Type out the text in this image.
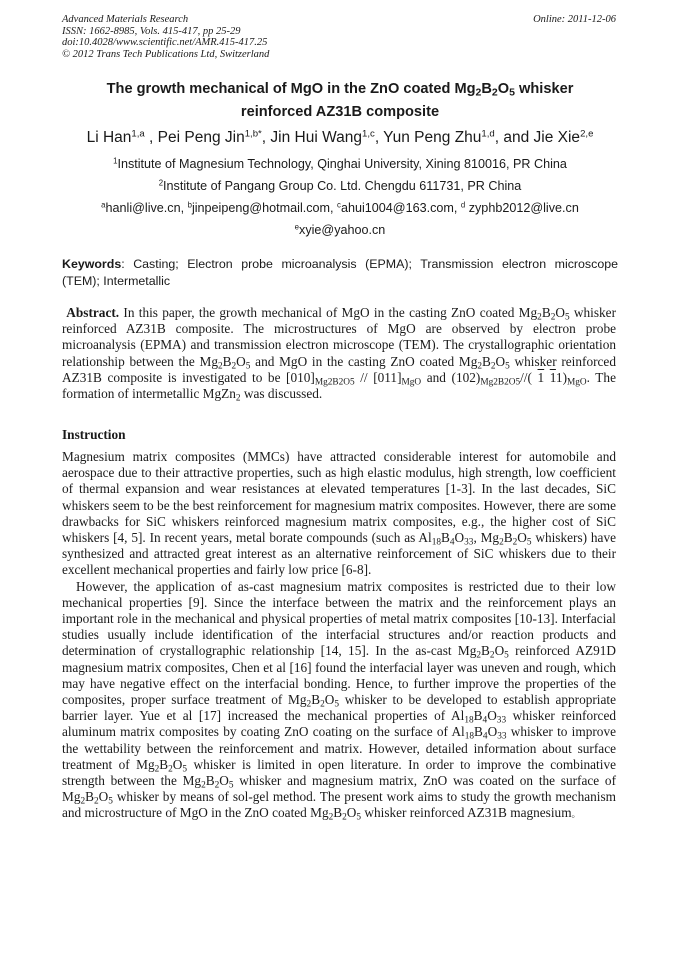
Advanced Materials Research
ISSN: 1662-8985, Vols. 415-417, pp 25-29
doi:10.4028/www.scientific.net/AMR.415-417.25
© 2012 Trans Tech Publications Ltd, Switzerland
Online: 2011-12-06
The growth mechanical of MgO in the ZnO coated $Mg_2B_2O_5$ whisker
reinforced AZ31B composite
Li Han$^{1,a}$ , Pei Peng Jin$^{1,b*}$, Jin Hui Wang$^{1,c}$, Yun Peng Zhu$^{1,d}$, and Jie Xie$^{2,e}$
$^1$Institute of Magnesium Technology, Qinghai University, Xining 810016, PR China
$^2$Institute of Pangang Group Co. Ltd. Chengdu 611731, PR China
$^a$hanli@live.cn, $^b$jinpeipeng@hotmail.com, $^c$ahui1004@163.com, $^d$ zyphb2012@live.cn
$^e$xyie@yahoo.cn
Keywords: Casting; Electron probe microanalysis (EPMA); Transmission electron microscope (TEM); Intermetallic
Abstract. In this paper, the growth mechanical of MgO in the casting ZnO coated $Mg_2B_2O_5$ whisker reinforced AZ31B composite. The microstructures of MgO are observed by electron probe microanalysis (EPMA) and transmission electron microscope (TEM). The crystallographic orientation relationship between the $Mg_2B_2O_5$ and MgO in the casting ZnO coated $Mg_2B_2O_5$ whisker reinforced AZ31B composite is investigated to be $[010]_{Mg2B2O5} // [011]_{MgO}$ and $(102)_{Mg2B2O5}//$( 1 $11)_{MgO}$. The formation of intermetallic MgZn$_2$ was discussed.
Instruction

Magnesium matrix composites (MMCs) have attracted considerable interest for automobile and aerospace due to their attractive properties, such as high elastic modulus, high strength, low coefficient of thermal expansion and wear resistances at elevated temperatures [1-3]. In the last decades, SiC whiskers seem to be the best reinforcement for magnesium matrix composites. However, there are some drawbacks for SiC whiskers reinforced magnesium matrix composites, e.g., the higher cost of SiC whiskers [4, 5]. In recent years, metal borate compounds (such as $Al_{18}B_4O_{33}$, $Mg_2B_2O_5$ whiskers) have synthesized and attracted great interest as an alternative reinforcement of SiC whiskers due to their excellent mechanical properties and fairly low price [6-8].

However, the application of as-cast magnesium matrix composites is restricted due to their low mechanical properties [9]. Since the interface between the matrix and the reinforcement plays an important role in the mechanical and physical properties of metal matrix composites [10-13]. Interfacial studies usually include identification of the interfacial structures and/or reaction products and determination of crystallographic relationship [14, 15]. In the as-cast $Mg_2B_2O_5$ reinforced AZ91D magnesium matrix composites, Chen et al [16] found the interfacial layer was uneven and rough, which may have negative effect on the interfacial bonding. Hence, to further improve the properties of the composites, proper surface treatment of $Mg_2B_2O_5$ whisker to be developed to establish appropriate barrier layer. Yue et al [17] increased the mechanical properties of $Al_{18}B_4O_{33}$ whisker reinforced aluminum matrix composites by coating ZnO coating on the surface of $Al_{18}B_4O_{33}$ whisker to improve the wettability between the reinforcement and matrix. However, detailed information about surface treatment of $Mg_2B_2O_5$ whisker is limited in open literature. In order to improve the combinative strength between the $Mg_2B_2O_5$ whisker and magnesium matrix, ZnO was coated on the surface of $Mg_2B_2O_5$ whisker by means of sol-gel method. The present work aims to study the growth mechanism and microstructure of MgO in the ZnO coated $Mg_2B_2O_5$ whisker reinforced AZ31B magnesium。
